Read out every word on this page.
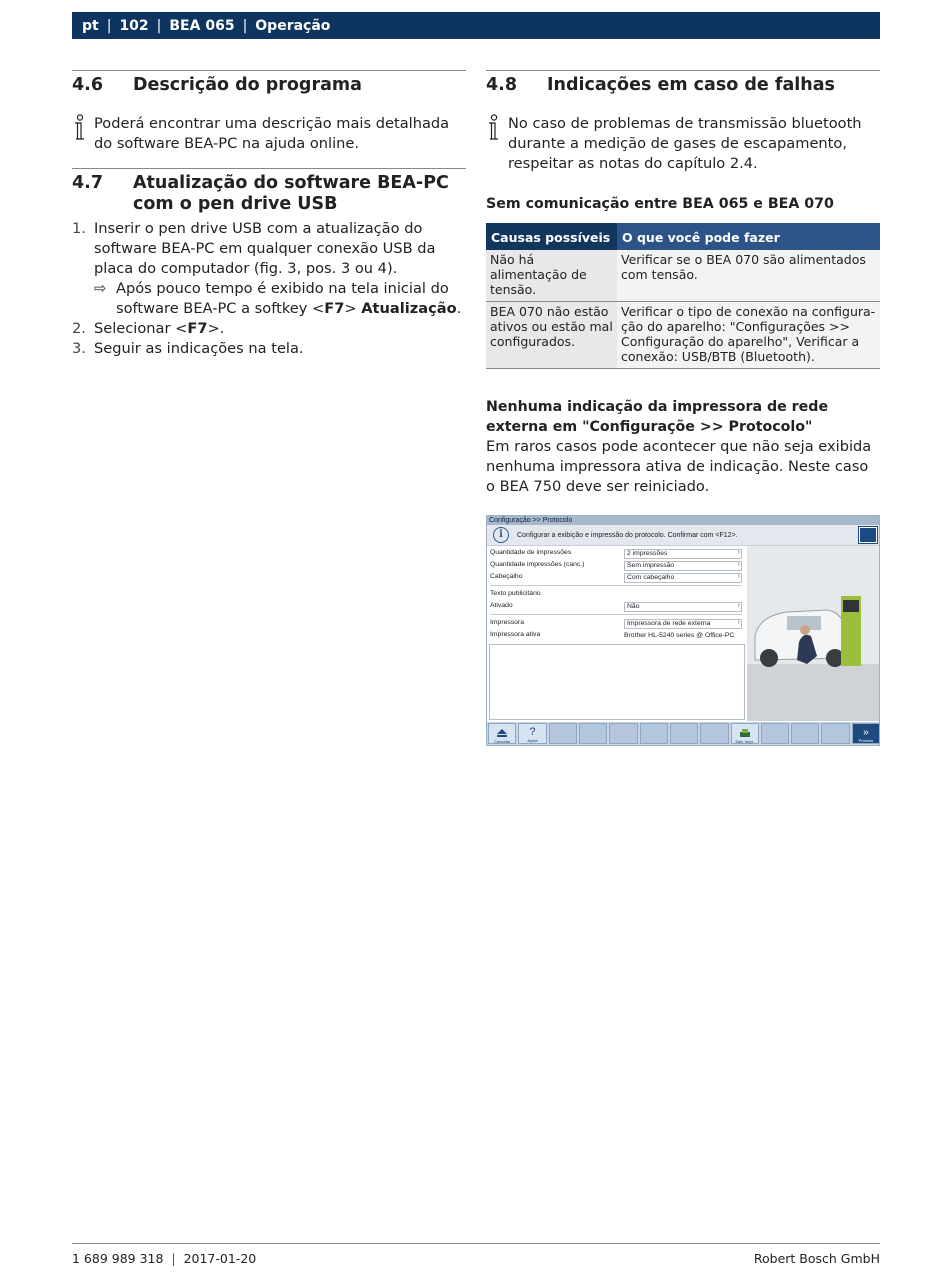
pt | 102 | BEA 065 | Operação
4.6	Descrição do programa
Poderá encontrar uma descrição mais detalhada do software BEA-PC na ajuda online.
4.7	Atualização do software BEA-PC com o pen drive USB
1. Inserir o pen drive USB com a atualização do software BEA-PC em qualquer conexão USB da placa do computador (fig. 3, pos. 3 ou 4).
⇨ Após pouco tempo é exibido na tela inicial do software BEA-PC a softkey <F7> Atualização.
2. Selecionar <F7>.
3. Seguir as indicações na tela.
4.8	Indicações em caso de falhas
No caso de problemas de transmissão bluetooth durante a medição de gases de escapamento, respeitar as notas do capítulo 2.4.
Sem comunicação entre BEA 065 e BEA 070
Causas possíveis	O que você pode fazer
Não há alimentação de tensão.	Verificar se o BEA 070 são alimentados com tensão.
BEA 070 não estão ativos ou estão mal configurados.	Verificar o tipo de conexão na configuração do aparelho: "Configurações >> Configuração do aparelho", Verificar a conexão: USB/BTB (Bluetooth).
Nenhuma indicação da impressora de rede externa em "Configuraçõe >> Protocolo"
Em raros casos pode acontecer que não seja exibida nenhuma impressora ativa de indicação. Neste caso o BEA 750 deve ser reiniciado.
Configuração >> Protocolo
i	Configurar a exibição e impressão do protocolo. Confirmar com <F12>.
Quantidade de impressões	2 impressões ›
Quantidade impressões (canc.)	Sem impressão ›
Cabeçalho	Com cabeçalho ›
Texto publicitário
Ativado	Não ›
Impressora	Impressora de rede externa ›
Impressora ativa	Brother HL-5240 series @ Office-PC
Cancelar
?
Ajuda	Salv. Impr.
»
Próximo
1 689 989 318 | 2017-01-20	Robert Bosch GmbH
